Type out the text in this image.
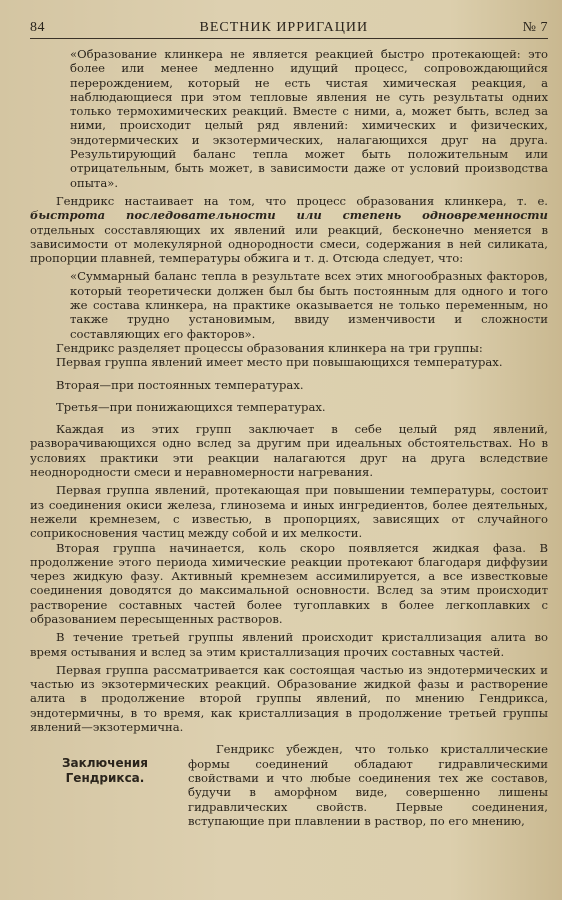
84	ВЕСТНИК ИРРИГАЦИИ	№ 7

«Образование клинкера не является реакцией быстро протекающей: это более или менее медленно идущий процесс, сопровождающийся перерождением, который не есть чистая химическая реакция, а наблюдающиеся при этом тепловые явления не суть результаты одних только термохимических реакций. Вместе с ними, а, может быть, вслед за ними, происходит целый ряд явлений: химических и физических, эндотермических и экзотермических, налагающихся друг на друга. Результирующий баланс тепла может быть положительным или отрицательным, быть может, в зависимости даже от условий производства опыта».

Гендрикс настаивает на том, что процесс образования клинкера, т. е. быстрота последовательности или степень одновременности отдельных сосставляющих их явлений или реакций, бесконечно меняется в зависимости от молекулярной однородности смеси, содержания в ней силиката, пропорции плавней, температуры обжига и т. д. Отсюда следует, что:

«Суммарный баланс тепла в результате всех этих многообразных факторов, который теоретически должен был бы быть постоянным для одного и того же состава клинкера, на практике оказывается не только переменным, но также трудно установимым, ввиду изменчивости и сложности составляющих его факторов».

Гендрикс разделяет процессы образования клинкера на три группы:

Первая группа явлений имеет место при повышающихся температурах.

Вторая—при постоянных температурах.

Третья—при понижающихся температурах.

Каждая из этих групп заключает в себе целый ряд явлений, разворачивающихся одно вслед за другим при идеальных обстоятельствах. Но в условиях практики эти реакции налагаются друг на друга вследствие неоднородности смеси и неравномерности нагревания.

Первая группа явлений, протекающая при повышении температуры, состоит из соединения окиси железа, глинозема и иных ингредиентов, более деятельных, нежели кремнезем, с известью, в пропорциях, зависящих от случайного соприкосновения частиц между собой и их мелкости.

Вторая группа начинается, коль скоро появляется жидкая фаза. В продолжение этого периода химические реакции протекают благодаря диффузии через жидкую фазу. Активный кремнезем ассимилируется, а все известковые соединения доводятся до максимальной основности. Вслед за этим происходит растворение составных частей более тугоплавких в более легкоплавких с образованием пересыщенных растворов.

В течение третьей группы явлений происходит кристаллизация алита во время остывания и вслед за этим кристаллизация прочих составных частей.

Первая группа рассматривается как состоящая частью из эндотермических и частью из экзотермических реакций. Образование жидкой фазы и растворение алита в продолжение второй группы явлений, по мнению Гендрикса, эндотермичны, в то время, как кристаллизация в продолжение третьей группы явлений—экзотермична.

Заключения Гендрикса.
Гендрикс убежден, что только кристаллические формы соединений обладают гидравлическими свойствами и что любые соединения тех же составов, будучи в аморфном виде, совершенно лишены гидравлических свойств. Первые соединения, вступающие при плавлении в раствор, по его мнению,
